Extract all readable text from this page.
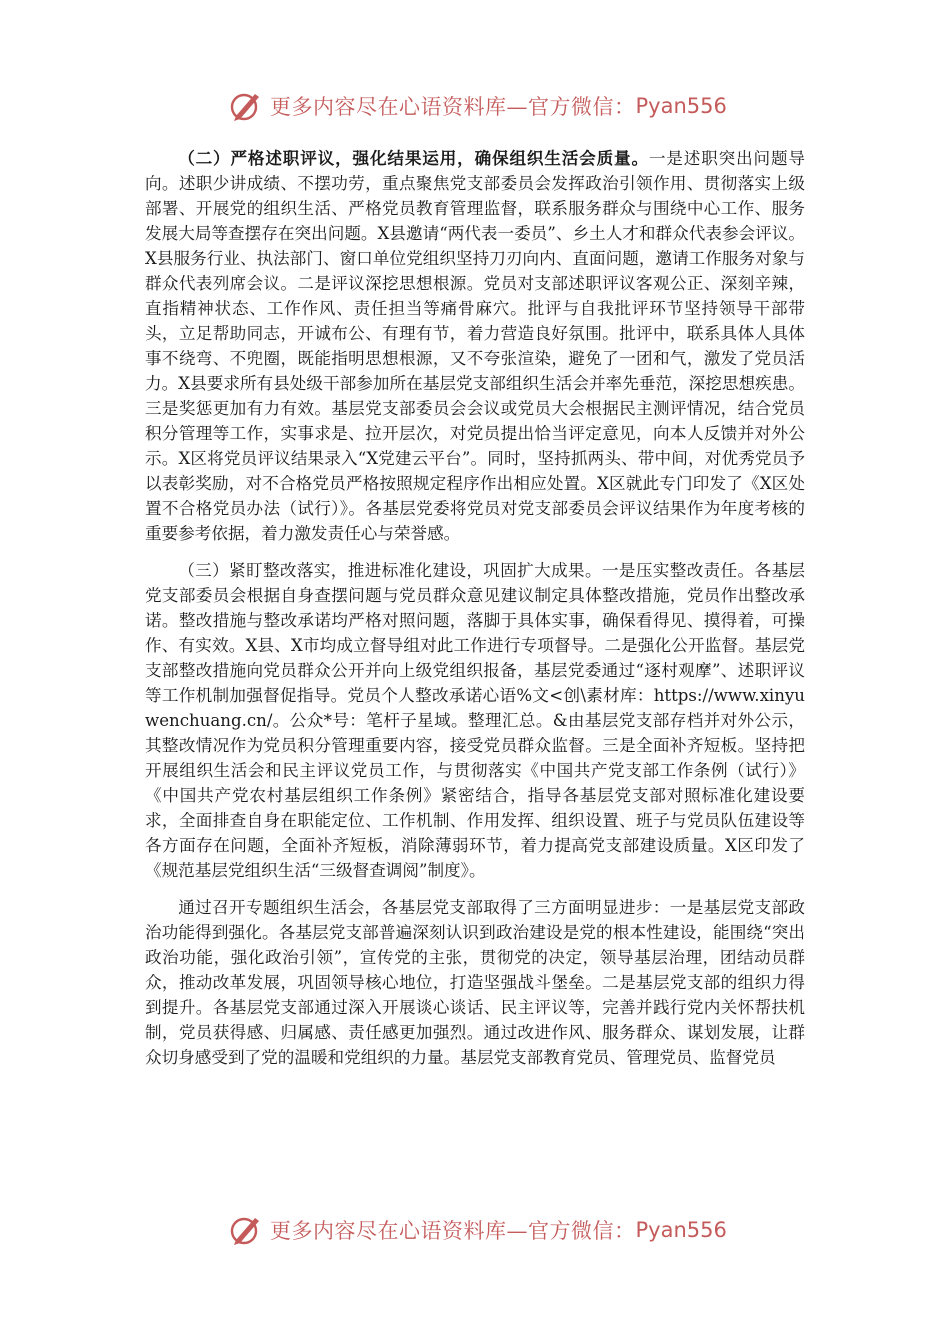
更多内容尽在心语资料库—官方微信： Pyan556

（二）严格述职评议，强化结果运用，确保组织生活会质量。一是述职突出问题导向。述职少讲成绩、不摆功劳，重点聚焦党支部委员会发挥政治引领作用、贯彻落实上级部署、开展党的组织生活、严格党员教育管理监督，联系服务群众与围绕中心工作、服务发展大局等查摆存在突出问题。X县邀请“两代表一委员”、乡土人才和群众代表参会评议。X县服务行业、执法部门、窗口单位党组织坚持刀刃向内、直面问题，邀请工作服务对象与群众代表列席会议。二是评议深挖思想根源。党员对支部述职评议客观公正、深刻辛辣，直指精神状态、工作作风、责任担当等痛骨麻穴。批评与自我批评环节坚持领导干部带头，立足帮助同志，开诚布公、有理有节，着力营造良好氛围。批评中，联系具体人具体事不绕弯、不兜圈，既能指明思想根源，又不夸张渲染，避免了一团和气，激发了党员活力。X县要求所有县处级干部参加所在基层党支部组织生活会并率先垂范，深挖思想疾患。三是奖惩更加有力有效。基层党支部委员会会议或党员大会根据民主测评情况，结合党员积分管理等工作，实事求是、拉开层次，对党员提出恰当评定意见，向本人反馈并对外公示。X区将党员评议结果录入“X党建云平台”。同时，坚持抓两头、带中间，对优秀党员予以表彰奖励，对不合格党员严格按照规定程序作出相应处置。X区就此专门印发了《X区处置不合格党员办法（试行）》。各基层党委将党员对党支部委员会评议结果作为年度考核的重要参考依据，着力激发责任心与荣誉感。

（三）紧盯整改落实，推进标准化建设，巩固扩大成果。一是压实整改责任。各基层党支部委员会根据自身查摆问题与党员群众意见建议制定具体整改措施，党员作出整改承诺。整改措施与整改承诺均严格对照问题，落脚于具体实事，确保看得见、摸得着，可操作、有实效。X县、X市均成立督导组对此工作进行专项督导。二是强化公开监督。基层党支部整改措施向党员群众公开并向上级党组织报备，基层党委通过“逐村观摩”、述职评议等工作机制加强督促指导。党员个人整改承诺心语%文<创\素材库：https://www.xinyuwenchuang.cn/。公众*号：笔杆子星域。整理汇总。&由基层党支部存档并对外公示，其整改情况作为党员积分管理重要内容，接受党员群众监督。三是全面补齐短板。坚持把开展组织生活会和民主评议党员工作，与贯彻落实《中国共产党支部工作条例（试行）》《中国共产党农村基层组织工作条例》紧密结合，指导各基层党支部对照标准化建设要求，全面排查自身在职能定位、工作机制、作用发挥、组织设置、班子与党员队伍建设等各方面存在问题，全面补齐短板，消除薄弱环节，着力提高党支部建设质量。X区印发了《规范基层党组织生活“三级督查调阅”制度》。

通过召开专题组织生活会，各基层党支部取得了三方面明显进步：一是基层党支部政治功能得到强化。各基层党支部普遍深刻认识到政治建设是党的根本性建设，能围绕“突出政治功能，强化政治引领”，宣传党的主张，贯彻党的决定，领导基层治理，团结动员群众，推动改革发展，巩固领导核心地位，打造坚强战斗堡垒。二是基层党支部的组织力得到提升。各基层党支部通过深入开展谈心谈话、民主评议等，完善并践行党内关怀帮扶机制，党员获得感、归属感、责任感更加强烈。通过改进作风、服务群众、谋划发展，让群众切身感受到了党的温暖和党组织的力量。基层党支部教育党员、管理党员、监督党员

更多内容尽在心语资料库—官方微信： Pyan556
